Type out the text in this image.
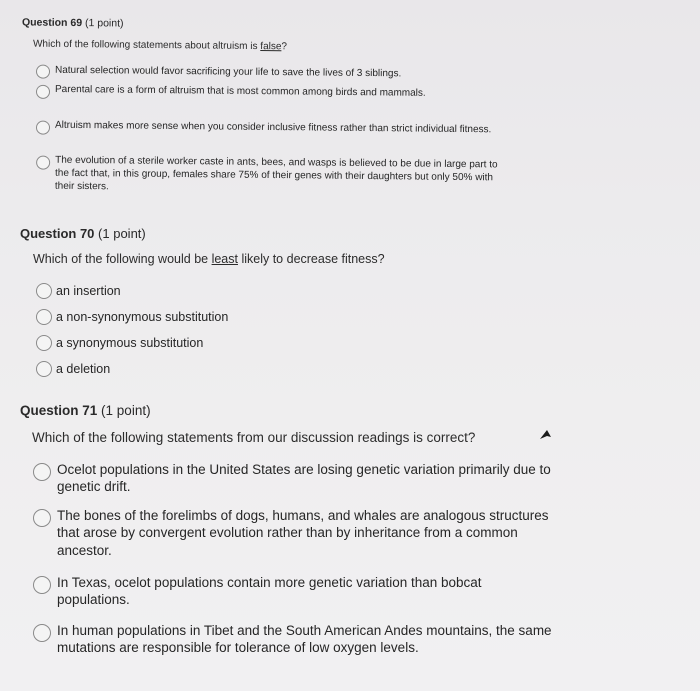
Question 69 (1 point)
Which of the following statements about altruism is false?
Natural selection would favor sacrificing your life to save the lives of 3 siblings.
Parental care is a form of altruism that is most common among birds and mammals.
Altruism makes more sense when you consider inclusive fitness rather than strict individual fitness.
The evolution of a sterile worker caste in ants, bees, and wasps is believed to be due in large part to the fact that, in this group, females share 75% of their genes with their daughters but only 50% with their sisters.
Question 70 (1 point)
Which of the following would be least likely to decrease fitness?
an insertion
a non-synonymous substitution
a synonymous substitution
a deletion
Question 71 (1 point)
Which of the following statements from our discussion readings is correct?
Ocelot populations in the United States are losing genetic variation primarily due to genetic drift.
The bones of the forelimbs of dogs, humans, and whales are analogous structures that arose by convergent evolution rather than by inheritance from a common ancestor.
In Texas, ocelot populations contain more genetic variation than bobcat populations.
In human populations in Tibet and the South American Andes mountains, the same mutations are responsible for tolerance of low oxygen levels.
